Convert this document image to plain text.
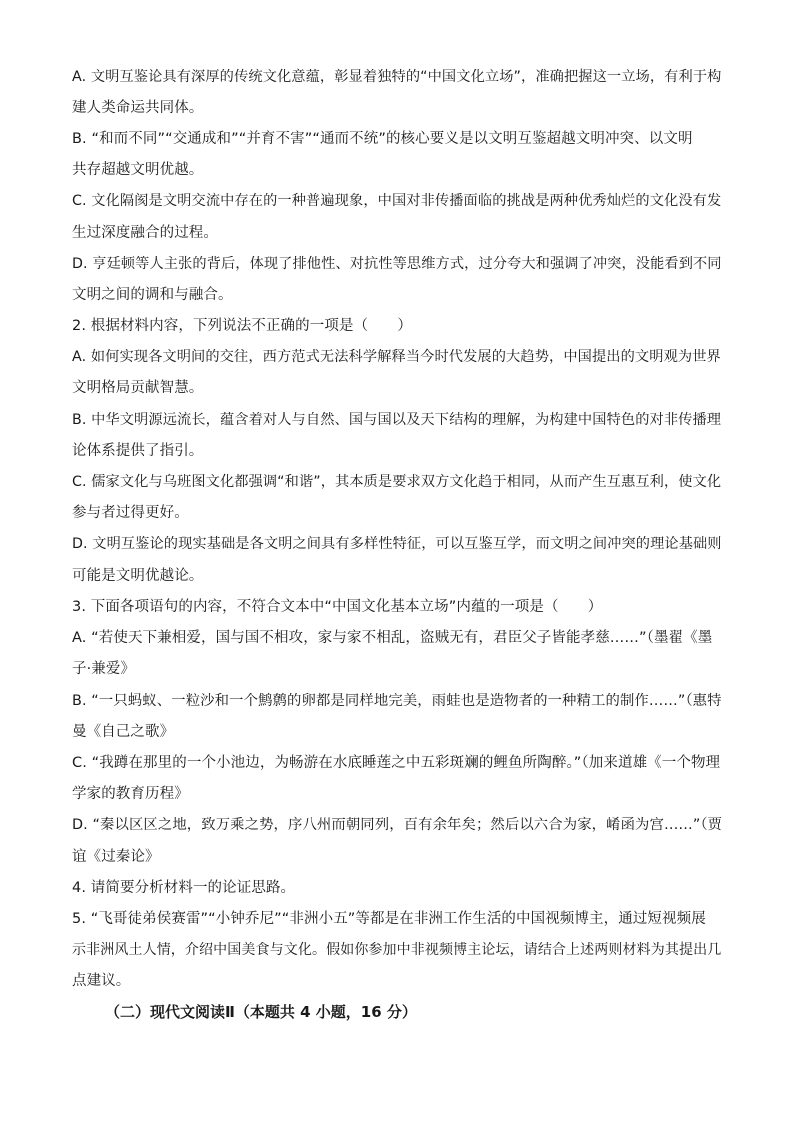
A. 文明互鉴论具有深厚的传统文化意蕴，彰显着独特的“中国文化立场”，准确把握这一立场，有利于构
建人类命运共同体。
B. “和而不同”“交通成和”“并育不害”“通而不统”的核心要义是以文明互鉴超越文明冲突、以文明
共存超越文明优越。
C. 文化隔阂是文明交流中存在的一种普遍现象，中国对非传播面临的挑战是两种优秀灿烂的文化没有发
生过深度融合的过程。
D. 亨廷顿等人主张的背后，体现了排他性、对抗性等思维方式，过分夸大和强调了冲突，没能看到不同
文明之间的调和与融合。
2. 根据材料内容，下列说法不正确的一项是（　　）
A. 如何实现各文明间的交往，西方范式无法科学解释当今时代发展的大趋势，中国提出的文明观为世界
文明格局贡献智慧。
B. 中华文明源远流长，蕴含着对人与自然、国与国以及天下结构的理解，为构建中国特色的对非传播理
论体系提供了指引。
C. 儒家文化与乌班图文化都强调“和谐”，其本质是要求双方文化趋于相同，从而产生互惠互利，使文化
参与者过得更好。
D. 文明互鉴论的现实基础是各文明之间具有多样性特征，可以互鉴互学，而文明之间冲突的理论基础则
可能是文明优越论。
3. 下面各项语句的内容，不符合文本中“中国文化基本立场”内蕴的一项是（　　）
A. “若使天下兼相爱，国与国不相攻，家与家不相乱，盗贼无有，君臣父子皆能孝慈……”（墨翟《墨
子·兼爱》
B. “一只蚂蚁、一粒沙和一个鹪鹩的卵都是同样地完美，雨蛙也是造物者的一种精工的制作……”（惠特
曼《自己之歌》
C. “我蹲在那里的一个小池边，为畅游在水底睡莲之中五彩斑斓的鲤鱼所陶醉。”（加来道雄《一个物理
学家的教育历程》
D. “秦以区区之地，致万乘之势，序八州而朝同列，百有余年矣；然后以六合为家，崤函为宫……”（贾
谊《过秦论》
4. 请简要分析材料一的论证思路。
5. “飞哥徒弟侯赛雷”“小钟乔尼”“非洲小五”等都是在非洲工作生活的中国视频博主，通过短视频展
示非洲风土人情，介绍中国美食与文化。假如你参加中非视频博主论坛，请结合上述两则材料为其提出几
点建议。
（二）现代文阅读Ⅱ（本题共 4 小题，16 分）
